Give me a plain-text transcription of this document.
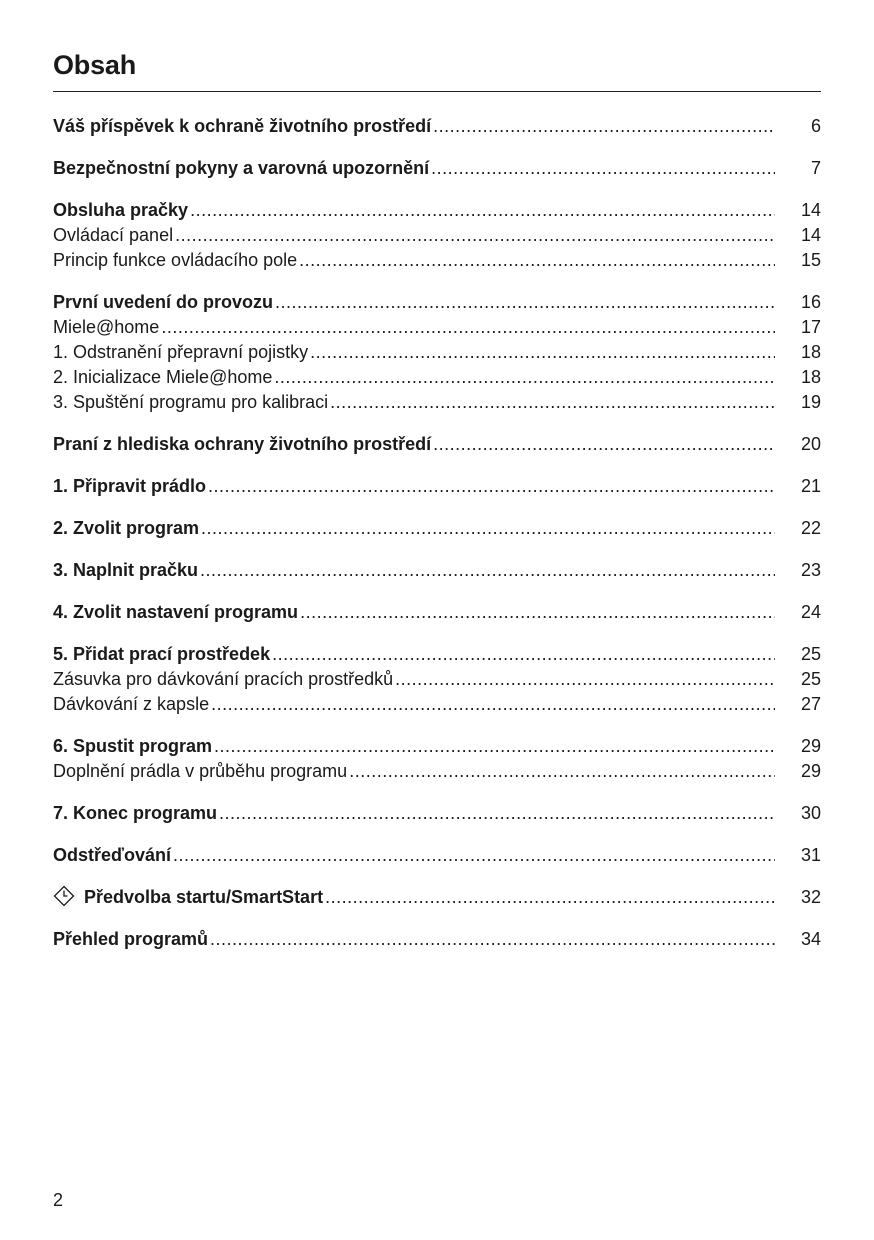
Obsah
Váš příspěvek k ochraně životního prostředí .....	6
Bezpečnostní pokyny a varovná upozornění .....	7
Obsluha pračky .....	14
Ovládací panel .....	14
Princip funkce ovládacího pole .....	15
První uvedení do provozu .....	16
Miele@home .....	17
1. Odstranění přepravní pojistky .....	18
2. Inicializace Miele@home .....	18
3. Spuštění programu pro kalibraci .....	19
Praní z hlediska ochrany životního prostředí .....	20
1. Připravit prádlo .....	21
2. Zvolit program .....	22
3. Naplnit pračku .....	23
4. Zvolit nastavení programu .....	24
5. Přidat prací prostředek .....	25
Zásuvka pro dávkování pracích prostředků .....	25
Dávkování z kapsle .....	27
6. Spustit program .....	29
Doplnění prádla v průběhu programu .....	29
7. Konec programu .....	30
Odstřeďování .....	31
Předvolba startu/SmartStart .....	32
Přehled programů .....	34
2
